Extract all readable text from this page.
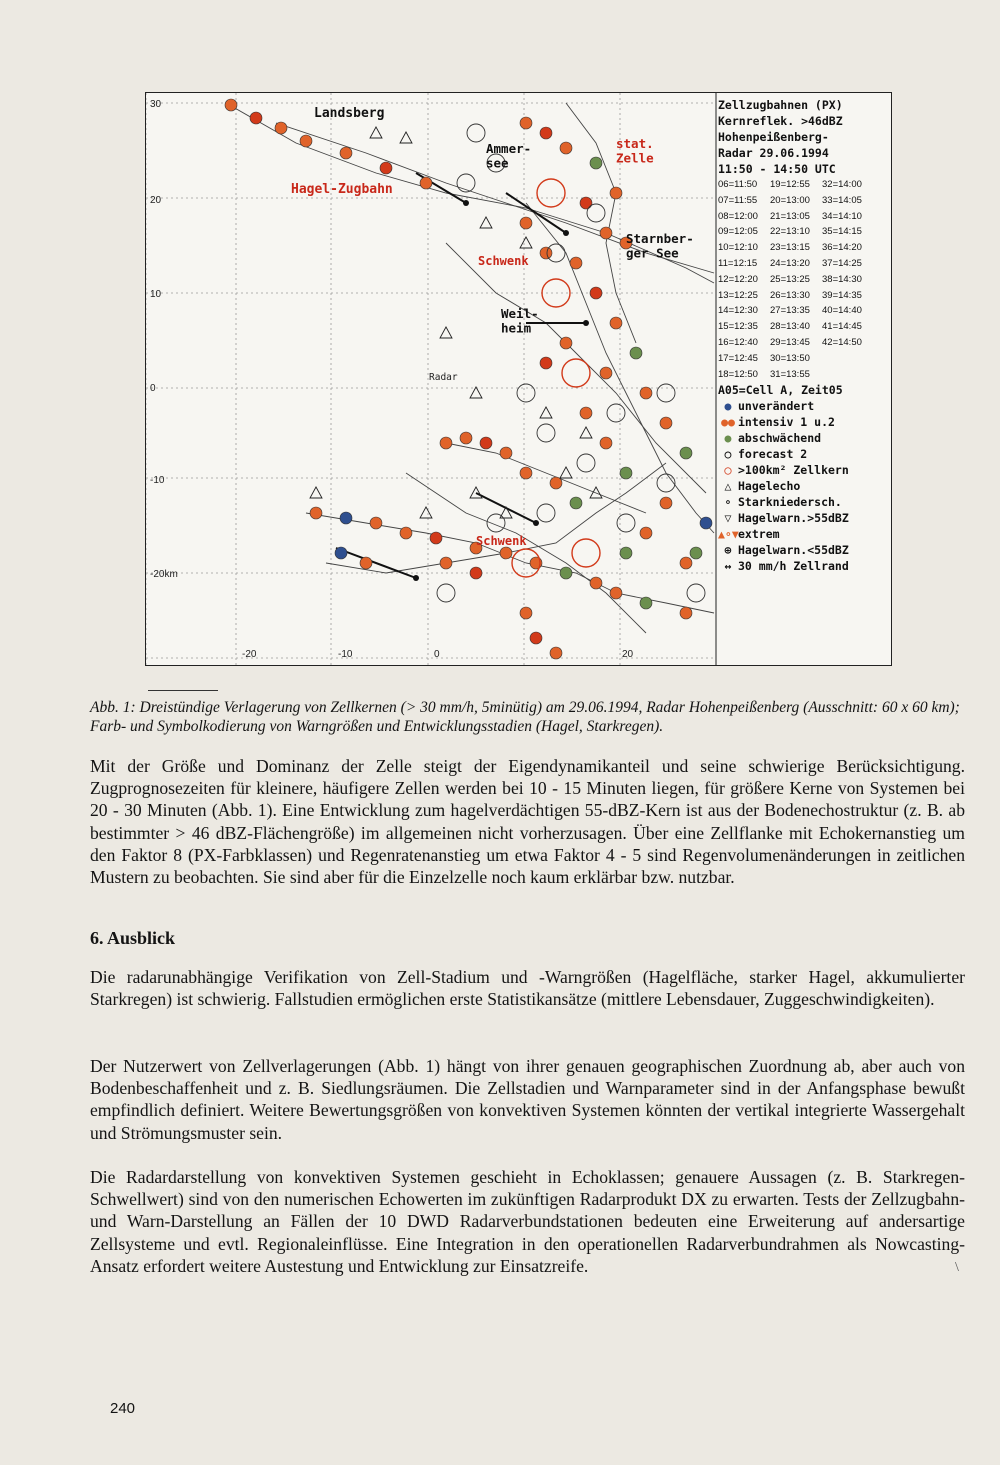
30
20
10
0
-10
-20km
-20	-10	0	20
Landsberg
Ammer-see
stat. Zelle
Hagel-Zugbahn
Starnber-ger See
Schwenk
Weil-heim
Radar
Schwenk
Zellzugbahnen (PX)
Kernreflek. >46dBZ
Hohenpeißenberg-
Radar 29.06.1994
11:50 - 14:50 UTC
06=11:50	19=12:55	32=14:00
07=11:55	20=13:00	33=14:05
08=12:00	21=13:05	34=14:10
09=12:05	22=13:10	35=14:15
10=12:10	23=13:15	36=14:20
11=12:15	24=13:20	37=14:25
12=12:20	25=13:25	38=14:30
13=12:25	26=13:30	39=14:35
14=12:30	27=13:35	40=14:40
15=12:35	28=13:40	41=14:45
16=12:40	29=13:45	42=14:50
17=12:45	30=13:50
18=12:50	31=13:55
A05=Cell A, Zeit05
● unverändert
●● intensiv 1 u.2
● abschwächend
○ forecast 2
◯ >100km² Zellkern
△ Hagelecho
∘ Starkniedersch.
▽ Hagelwarn.>55dBZ
▲∘▼extrem
⊕ Hagelwarn.<55dBZ
↔ 30 mm/h Zellrand
Abb. 1: Dreistündige Verlagerung von Zellkernen (> 30 mm/h, 5minütig) am 29.06.1994, Radar Hohenpeißenberg (Ausschnitt: 60 x 60 km); Farb- und Symbolkodierung von Warngrößen und Entwicklungsstadien (Hagel, Starkregen).
Mit der Größe und Dominanz der Zelle steigt der Eigendynamikanteil und seine schwierige Berücksichtigung. Zugprognosezeiten für kleinere, häufigere Zellen werden bei 10 - 15 Minuten liegen, für größere Kerne von Systemen bei 20 - 30 Minuten (Abb. 1). Eine Entwicklung zum hagelverdächtigen 55-dBZ-Kern ist aus der Bodenechostruktur (z. B. ab bestimmter > 46 dBZ-Flächengröße) im allgemeinen nicht vorherzusagen. Über eine Zellflanke mit Echokernanstieg um den Faktor 8 (PX-Farbklassen) und Regenratenanstieg um etwa Faktor 4 - 5 sind Regenvolumenänderungen in zeitlichen Mustern zu beobachten. Sie sind aber für die Einzelzelle noch kaum erklärbar bzw. nutzbar.
6. Ausblick
Die radarunabhängige Verifikation von Zell-Stadium und -Warngrößen (Hagelfläche, starker Hagel, akkumulierter Starkregen) ist schwierig. Fallstudien ermöglichen erste Statistikansätze (mittlere Lebensdauer, Zuggeschwindigkeiten).
Der Nutzerwert von Zellverlagerungen (Abb. 1) hängt von ihrer genauen geographischen Zuordnung ab, aber auch von Bodenbeschaffenheit und z. B. Siedlungsräumen. Die Zellstadien und Warnparameter sind in der Anfangsphase bewußt empfindlich definiert. Weitere Bewertungsgrößen von konvektiven Systemen könnten der vertikal integrierte Wassergehalt und Strömungsmuster sein.
Die Radardarstellung von konvektiven Systemen geschieht in Echoklassen; genauere Aussagen (z. B. Starkregen-Schwellwert) sind von den numerischen Echowerten im zukünftigen Radarprodukt DX zu erwarten. Tests der Zellzugbahn- und Warn-Darstellung an Fällen der 10 DWD Radarverbundstationen bedeuten eine Erweiterung auf andersartige Zellsysteme und evtl. Regionaleinflüsse. Eine Integration in den operationellen Radarverbundrahmen als Nowcasting-Ansatz erfordert weitere Austestung und Entwicklung zur Einsatzreife.
240
\
